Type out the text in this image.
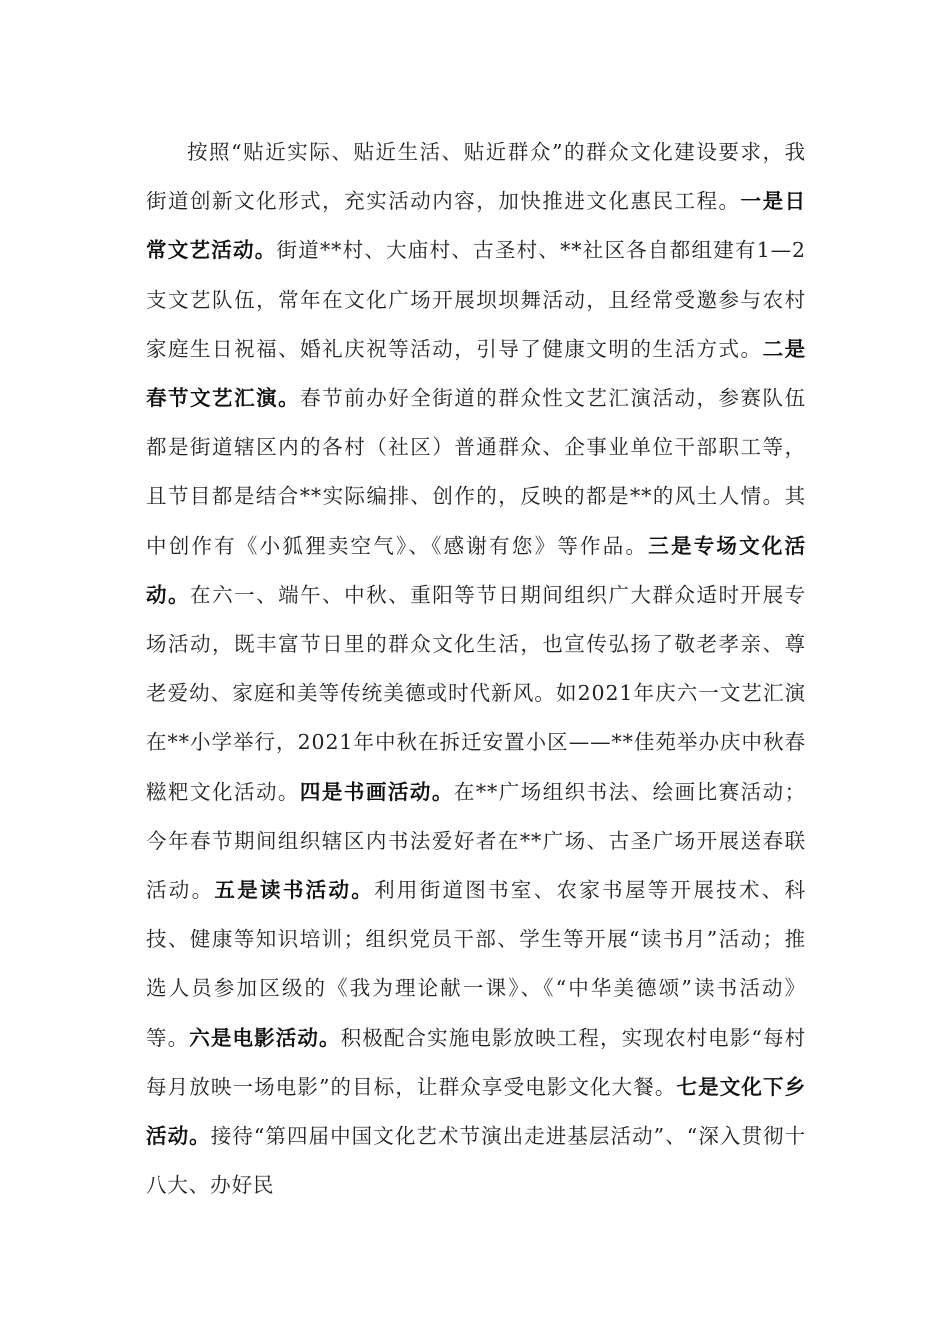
按照“贴近实际、贴近生活、贴近群众”的群众文化建设要求，我街道创新文化形式，充实活动内容，加快推进文化惠民工程。一是日常文艺活动。街道**村、大庙村、古圣村、**社区各自都组建有1—2支文艺队伍，常年在文化广场开展坝坝舞活动，且经常受邀参与农村家庭生日祝福、婚礼庆祝等活动，引导了健康文明的生活方式。二是春节文艺汇演。春节前办好全街道的群众性文艺汇演活动，参赛队伍都是街道辖区内的各村（社区）普通群众、企事业单位干部职工等，且节目都是结合**实际编排、创作的，反映的都是**的风土人情。其中创作有《小狐狸卖空气》、《感谢有您》等作品。三是专场文化活动。在六一、端午、中秋、重阳等节日期间组织广大群众适时开展专场活动，既丰富节日里的群众文化生活，也宣传弘扬了敬老孝亲、尊老爱幼、家庭和美等传统美德或时代新风。如2021年庆六一文艺汇演在**小学举行，2021年中秋在拆迁安置小区——**佳苑举办庆中秋春糍粑文化活动。四是书画活动。在**广场组织书法、绘画比赛活动；今年春节期间组织辖区内书法爱好者在**广场、古圣广场开展送春联活动。五是读书活动。利用街道图书室、农家书屋等开展技术、科技、健康等知识培训；组织党员干部、学生等开展“读书月”活动；推选人员参加区级的《我为理论献一课》、《“中华美德颂”读书活动》等。六是电影活动。积极配合实施电影放映工程，实现农村电影“每村每月放映一场电影”的目标，让群众享受电影文化大餐。七是文化下乡活动。接待“第四届中国文化艺术节演出走进基层活动”、“深入贯彻十八大、办好民
